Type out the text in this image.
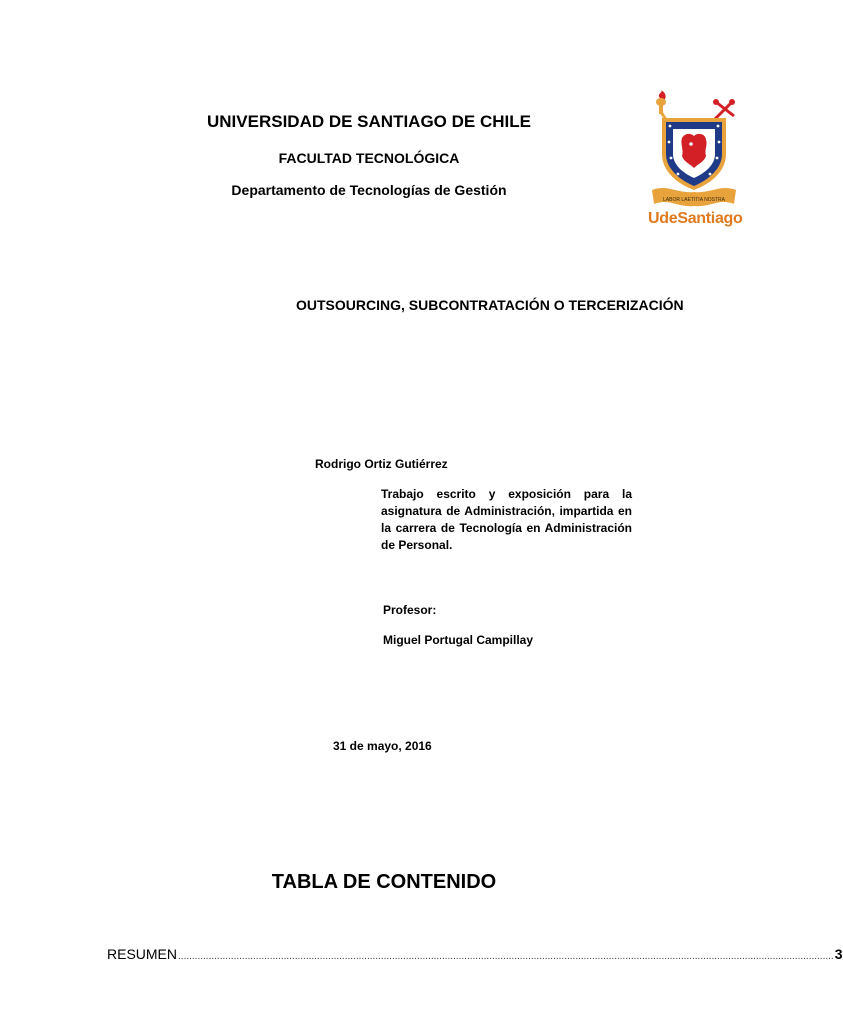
UNIVERSIDAD DE SANTIAGO DE CHILE
FACULTAD TECNOLÓGICA
Departamento de Tecnologías de Gestión
LABOR LAETITIA NOSTRA
UdeSantiago
OUTSOURCING, SUBCONTRATACIÓN O TERCERIZACIÓN
Rodrigo Ortiz Gutiérrez
Trabajo escrito y exposición para la asignatura de Administración, impartida en la carrera de Tecnología en Administración de Personal.
Profesor:
Miguel Portugal Campillay
31 de mayo, 2016
TABLA DE CONTENIDO
RESUMEN ............................................................................................................................................................................................................................................ 3
